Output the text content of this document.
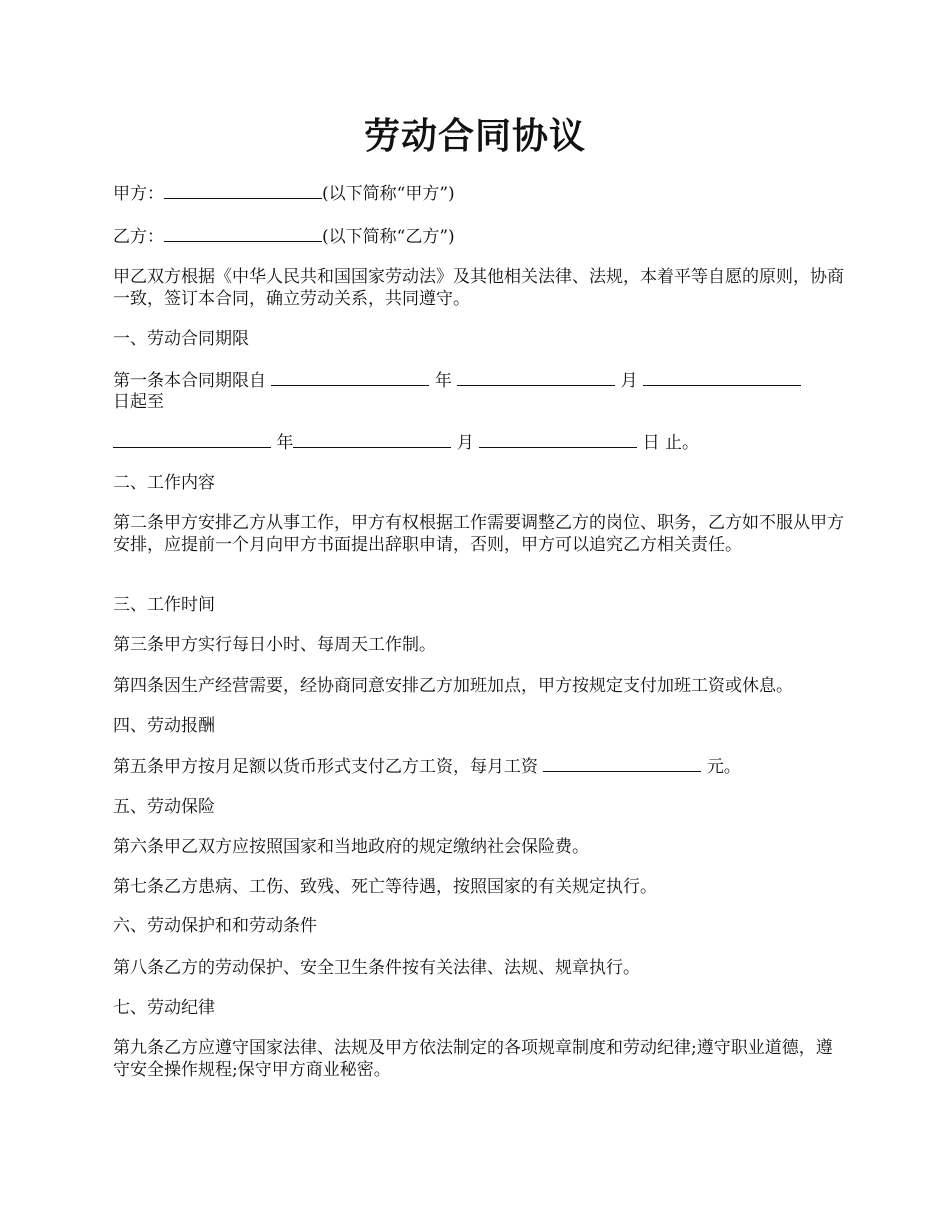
劳动合同协议
甲方：	(以下简称“甲方”)
乙方：	(以下简称“乙方”)
甲乙双方根据《中华人民共和国国家劳动法》及其他相关法律、法规，本着平等自愿的原则，协商一致，签订本合同，确立劳动关系，共同遵守。
一、劳动合同期限
第一条本合同期限自	年	月
日起至
年	月	日 止。
二、工作内容
第二条甲方安排乙方从事工作，甲方有权根据工作需要调整乙方的岗位、职务，乙方如不服从甲方安排，应提前一个月向甲方书面提出辞职申请，否则，甲方可以追究乙方相关责任。
三、工作时间
第三条甲方实行每日小时、每周天工作制。
第四条因生产经营需要，经协商同意安排乙方加班加点，甲方按规定支付加班工资或休息。
四、劳动报酬
第五条甲方按月足额以货币形式支付乙方工资，每月工资	元。
五、劳动保险
第六条甲乙双方应按照国家和当地政府的规定缴纳社会保险费。
第七条乙方患病、工伤、致残、死亡等待遇，按照国家的有关规定执行。
六、劳动保护和和劳动条件
第八条乙方的劳动保护、安全卫生条件按有关法律、法规、规章执行。
七、劳动纪律
第九条乙方应遵守国家法律、法规及甲方依法制定的各项规章制度和劳动纪律;遵守职业道德，遵守安全操作规程;保守甲方商业秘密。
